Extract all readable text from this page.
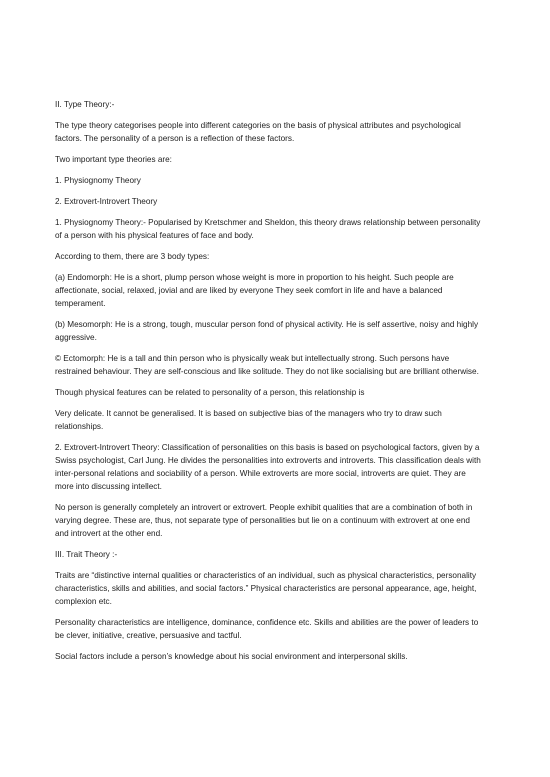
II. Type Theory:-

The type theory categorises people into different categories on the basis of physical attributes and psychological factors. The personality of a person is a reflection of these factors.

Two important type theories are:

1. Physiognomy Theory

2. Extrovert-Introvert Theory

1. Physiognomy Theory:- Popularised by Kretschmer and Sheldon, this theory draws relationship between personality of a person with his physical features of face and body.

According to them, there are 3 body types:

(a) Endomorph: He is a short, plump person whose weight is more in proportion to his height. Such people are affectionate, social, relaxed, jovial and are liked by everyone They seek comfort in life and have a balanced temperament.

(b) Mesomorph: He is a strong, tough, muscular person fond of physical activity. He is self assertive, noisy and highly aggressive.

© Ectomorph: He is a tall and thin person who is physically weak but intellectually strong. Such persons have restrained behaviour. They are self-conscious and like solitude. They do not like socialising but are brilliant otherwise.

Though physical features can be related to personality of a person, this relationship is

Very delicate. It cannot be generalised. It is based on subjective bias of the managers who try to draw such relationships.

2. Extrovert-Introvert Theory: Classification of personalities on this basis is based on psychological factors, given by a Swiss psychologist, Carl Jung. He divides the personalities into extroverts and introverts. This classification deals with inter-personal relations and sociability of a person. While extroverts are more social, introverts are quiet. They are more into discussing intellect.

No person is generally completely an introvert or extrovert. People exhibit qualities that are a combination of both in varying degree. These are, thus, not separate type of personalities but lie on a continuum with extrovert at one end and introvert at the other end.

III. Trait Theory :-

Traits are “distinctive internal qualities or characteristics of an individual, such as physical characteristics, personality characteristics, skills and abilities, and social factors.” Physical characteristics are personal appearance, age, height, complexion etc.

Personality characteristics are intelligence, dominance, confidence etc. Skills and abilities are the power of leaders to be clever, initiative, creative, persuasive and tactful.

Social factors include a person’s knowledge about his social environment and interpersonal skills.
